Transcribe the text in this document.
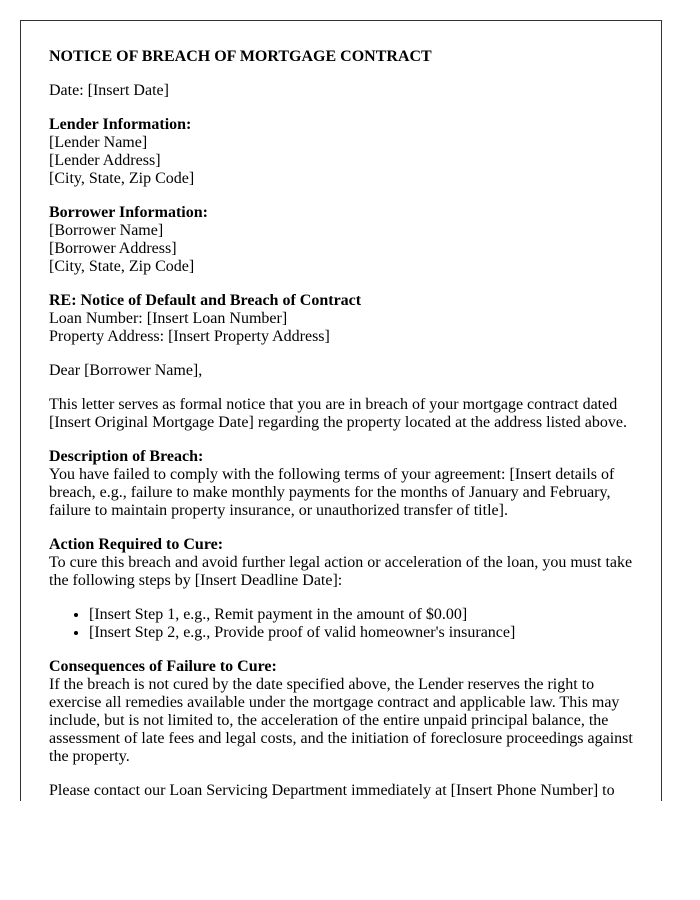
NOTICE OF BREACH OF MORTGAGE CONTRACT

Date: [Insert Date]

Lender Information:
[Lender Name]
[Lender Address]
[City, State, Zip Code]

Borrower Information:
[Borrower Name]
[Borrower Address]
[City, State, Zip Code]

RE: Notice of Default and Breach of Contract
Loan Number: [Insert Loan Number]
Property Address: [Insert Property Address]

Dear [Borrower Name],

This letter serves as formal notice that you are in breach of your mortgage contract dated [Insert Original Mortgage Date] regarding the property located at the address listed above.

Description of Breach:
You have failed to comply with the following terms of your agreement: [Insert details of breach, e.g., failure to make monthly payments for the months of January and February, failure to maintain property insurance, or unauthorized transfer of title].

Action Required to Cure:
To cure this breach and avoid further legal action or acceleration of the loan, you must take the following steps by [Insert Deadline Date]:

• [Insert Step 1, e.g., Remit payment in the amount of $0.00]
• [Insert Step 2, e.g., Provide proof of valid homeowner's insurance]

Consequences of Failure to Cure:
If the breach is not cured by the date specified above, the Lender reserves the right to exercise all remedies available under the mortgage contract and applicable law. This may include, but is not limited to, the acceleration of the entire unpaid principal balance, the assessment of late fees and legal costs, and the initiation of foreclosure proceedings against the property.

Please contact our Loan Servicing Department immediately at [Insert Phone Number] to
